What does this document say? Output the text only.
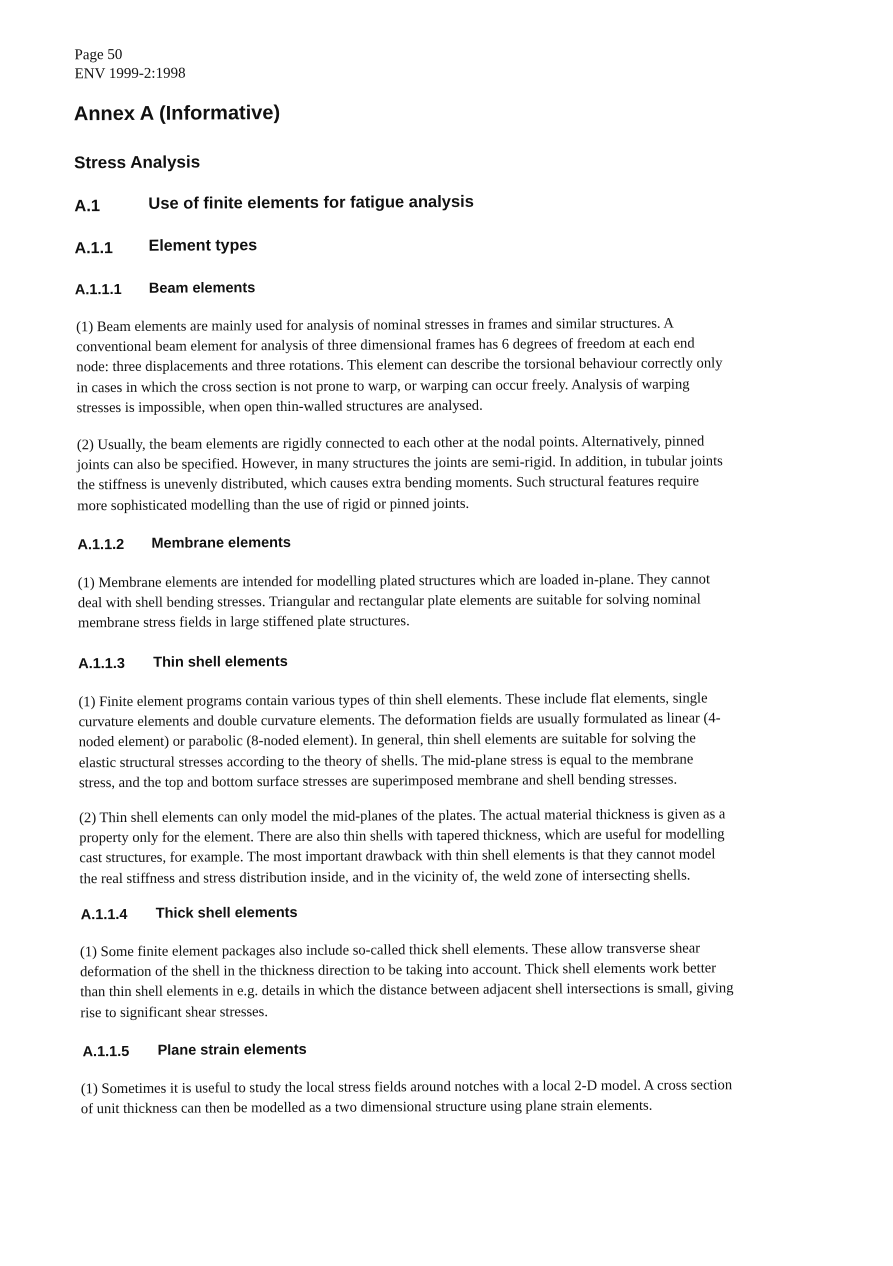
Page 50
ENV 1999-2:1998
Annex A (Informative)
Stress Analysis
A.1	Use of finite elements for fatigue analysis
A.1.1 Element types
A.1.1.1 Beam elements
(1) Beam elements are mainly used for analysis of nominal stresses in frames and similar structures. A
conventional beam element for analysis of three dimensional frames has 6 degrees of freedom at each end
node: three displacements and three rotations. This element can describe the torsional behaviour correctly only
in cases in which the cross section is not prone to warp, or warping can occur freely. Analysis of warping
stresses is impossible, when open thin-walled structures are analysed.
(2) Usually, the beam elements are rigidly connected to each other at the nodal points. Alternatively, pinned
joints can also be specified. However, in many structures the joints are semi-rigid. In addition, in tubular joints
the stiffness is unevenly distributed, which causes extra bending moments. Such structural features require
more sophisticated modelling than the use of rigid or pinned joints.
A.1.1.2 Membrane elements
(1) Membrane elements are intended for modelling plated structures which are loaded in-plane. They cannot
deal with shell bending stresses. Triangular and rectangular plate elements are suitable for solving nominal
membrane stress fields in large stiffened plate structures.
A.1.1.3 Thin shell elements
(1) Finite element programs contain various types of thin shell elements. These include flat elements, single
curvature elements and double curvature elements. The deformation fields are usually formulated as linear (4-
noded element) or parabolic (8-noded element). In general, thin shell elements are suitable for solving the
elastic structural stresses according to the theory of shells. The mid-plane stress is equal to the membrane
stress, and the top and bottom surface stresses are superimposed membrane and shell bending stresses.
(2) Thin shell elements can only model the mid-planes of the plates. The actual material thickness is given as a
property only for the element. There are also thin shells with tapered thickness, which are useful for modelling
cast structures, for example. The most important drawback with thin shell elements is that they cannot model
the real stiffness and stress distribution inside, and in the vicinity of, the weld zone of intersecting shells.
A.1.1.4 Thick shell elements
(1) Some finite element packages also include so-called thick shell elements. These allow transverse shear
deformation of the shell in the thickness direction to be taking into account. Thick shell elements work better
than thin shell elements in e.g. details in which the distance between adjacent shell intersections is small, giving
rise to significant shear stresses.
A.1.1.5 Plane strain elements
(1) Sometimes it is useful to study the local stress fields around notches with a local 2-D model. A cross section
of unit thickness can then be modelled as a two dimensional structure using plane strain elements.
